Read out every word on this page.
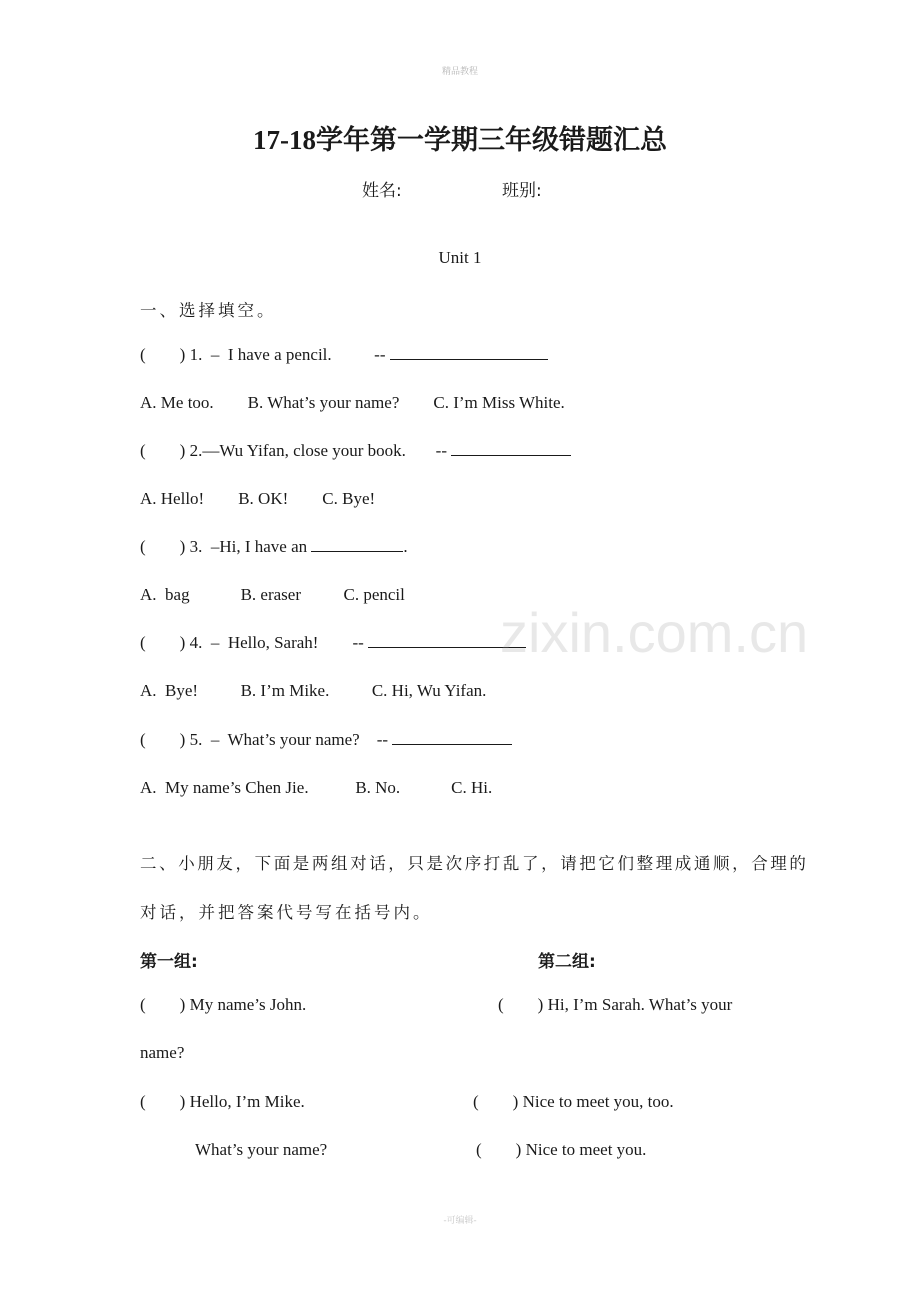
精品教程
17-18学年第一学期三年级错题汇总
姓名:	班别:
Unit 1
一、选择填空。
(        ) 1.  –  I have a pencil.          --
A. Me too.        B. What’s your name?        C. I’m Miss White.
(        ) 2.—Wu Yifan, close your book.       --
A. Hello!        B. OK!        C. Bye!
(        ) 3.  –Hi, I have an	.
A.  bag            B. eraser          C. pencil
(        ) 4.  –  Hello, Sarah!        --
A.  Bye!          B. I’m Mike.          C. Hi, Wu Yifan.
(        ) 5.  –  What’s your name?    --
A.  My name’s Chen Jie.           B. No.            C. Hi.
二、小朋友，下面是两组对话，只是次序打乱了，请把它们整理成通顺，合理的
对话，并把答案代号写在括号内。
第一组:	第二组:
(        ) My name’s John.	(        ) Hi, I’m Sarah. What’s your
name?
(        ) Hello, I’m Mike.	(        ) Nice to meet you, too.
What’s your name?	(        ) Nice to meet you.
zixin.com.cn
-可编辑-
